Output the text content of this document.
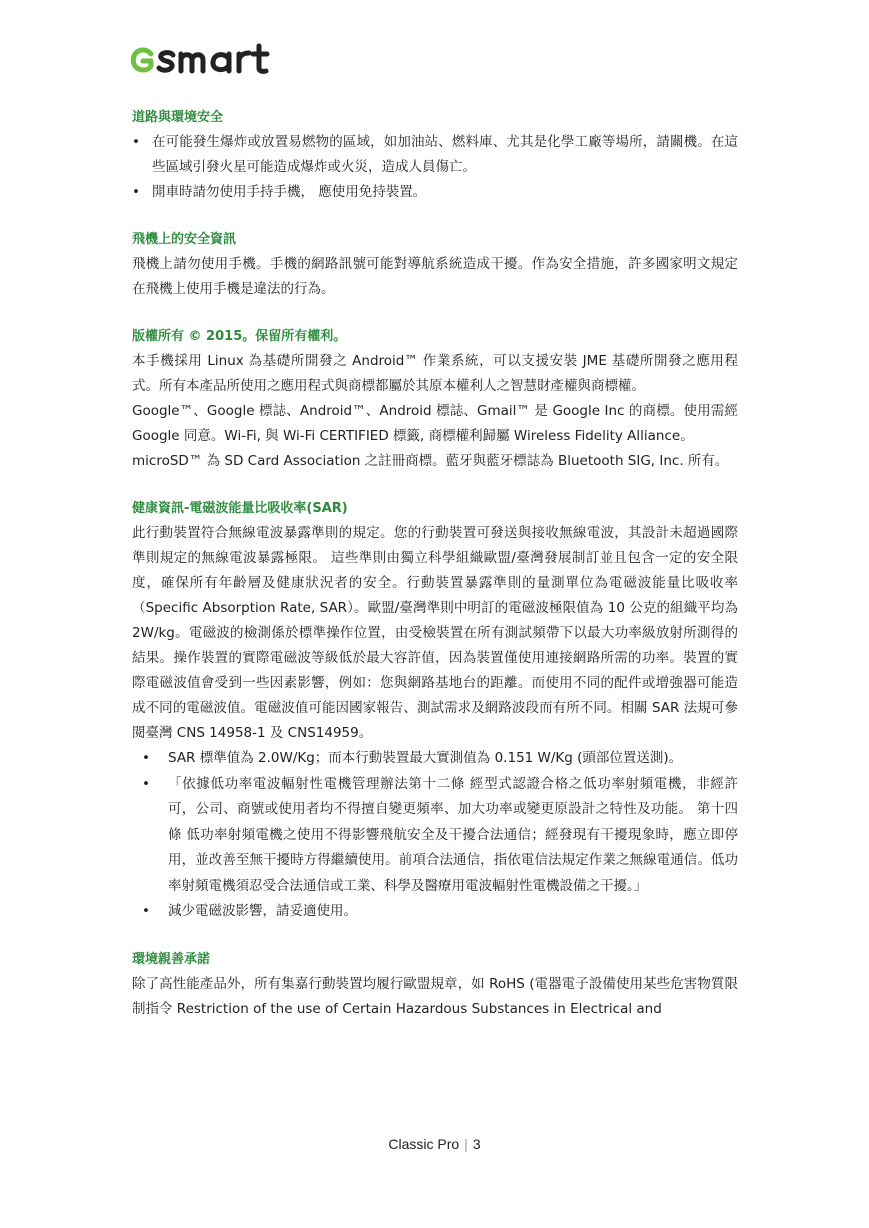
道路與環境安全
• 在可能發生爆炸或放置易燃物的區域，如加油站、燃料庫、尤其是化學工廠等場所，請關機。在這些區域引發火星可能造成爆炸或火災，造成人員傷亡。
• 開車時請勿使用手持手機， 應使用免持裝置。
飛機上的安全資訊

飛機上請勿使用手機。手機的網路訊號可能對導航系統造成干擾。作為安全措施，許多國家明文規定在飛機上使用手機是違法的行為。

版權所有 © 2015。保留所有權利。

本手機採用 Linux 為基礎所開發之 Android™ 作業系統，可以支援安裝 JME 基礎所開發之應用程式。所有本產品所使用之應用程式與商標都屬於其原本權利人之智慧財產權與商標權。

Google™、Google 標誌、Android™、Android 標誌、Gmail™ 是 Google Inc 的商標。使用需經 Google 同意。Wi-Fi, 與 Wi-Fi CERTIFIED 標籤, 商標權利歸屬 Wireless Fidelity Alliance。

microSD™ 為 SD Card Association 之註冊商標。藍牙與藍牙標誌為 Bluetooth SIG, Inc. 所有。

健康資訊-電磁波能量比吸收率(SAR)

此行動裝置符合無線電波暴露準則的規定。您的行動裝置可發送與接收無線電波，其設計未超過國際準則規定的無線電波暴露極限。 這些準則由獨立科學組織歐盟/臺灣發展制訂並且包含一定的安全限度，確保所有年齡層及健康狀況者的安全。行動裝置暴露準則的量測單位為電磁波能量比吸收率（Specific Absorption Rate, SAR）。歐盟/臺灣準則中明訂的電磁波極限值為 10 公克的組織平均為 2W/kg。電磁波的檢測係於標準操作位置，由受檢裝置在所有測試頻帶下以最大功率級放射所測得的結果。操作裝置的實際電磁波等級低於最大容許值，因為裝置僅使用連接網路所需的功率。裝置的實際電磁波值會受到一些因素影響，例如：您與網路基地台的距離。而使用不同的配件或增強器可能造成不同的電磁波值。電磁波值可能因國家報告、測試需求及網路波段而有所不同。相關 SAR 法規可參閱臺灣 CNS 14958-1 及 CNS14959。

• SAR 標準值為 2.0W/Kg；而本行動裝置最大實測值為 0.151 W/Kg (頭部位置送測)。
• 「依據低功率電波輻射性電機管理辦法第十二條 經型式認證合格之低功率射頻電機，非經許可，公司、商號或使用者均不得擅自變更頻率、加大功率或變更原設計之特性及功能。 第十四條 低功率射頻電機之使用不得影響飛航安全及干擾合法通信；經發現有干擾現象時，應立即停用，並改善至無干擾時方得繼續使用。前項合法通信，指依電信法規定作業之無線電通信。低功率射頻電機須忍受合法通信或工業、科學及醫療用電波輻射性電機設備之干擾。」
• 減少電磁波影響，請妥適使用。
環境親善承諾

除了高性能產品外，所有集嘉行動裝置均履行歐盟規章，如 RoHS (電器電子設備使用某些危害物質限制指令 Restriction of the use of Certain Hazardous Substances in Electrical and

Classic Pro | 3
